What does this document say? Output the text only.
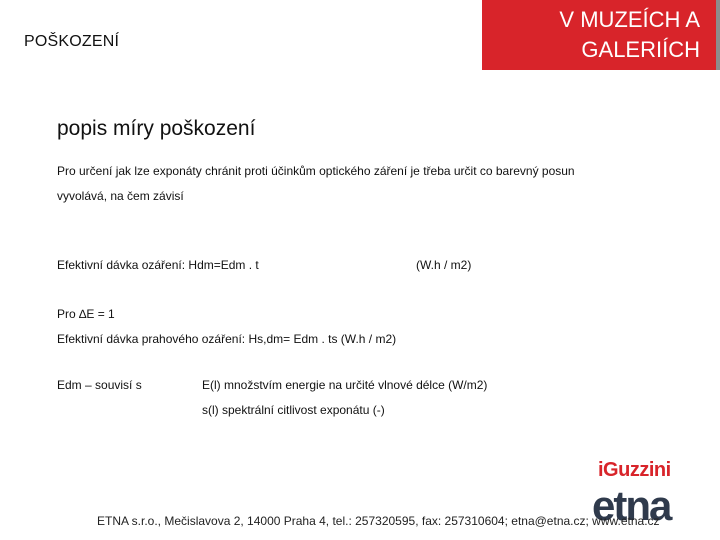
POŠKOZENÍ
V MUZEÍCH A
GALERIÍCH
popis míry poškození
Pro určení jak lze exponáty chránit proti účinkům optického záření je třeba určit co barevný posun
vyvolává, na čem závisí
Efektivní dávka ozáření: Hdm=Edm . t	(W.h / m2)
Pro ∆E = 1
Efektivní dávka prahového ozáření: Hs,dm= Edm . ts (W.h / m2)
Edm – souvisí s	E(l) množstvím energie na určité vlnové délce (W/m2)
s(l) spektrální citlivost exponátu (-)
iGuzzini
etna
ETNA s.r.o., Mečislavova 2, 14000 Praha 4, tel.: 257320595, fax: 257310604; etna@etna.cz; www.etna.cz
